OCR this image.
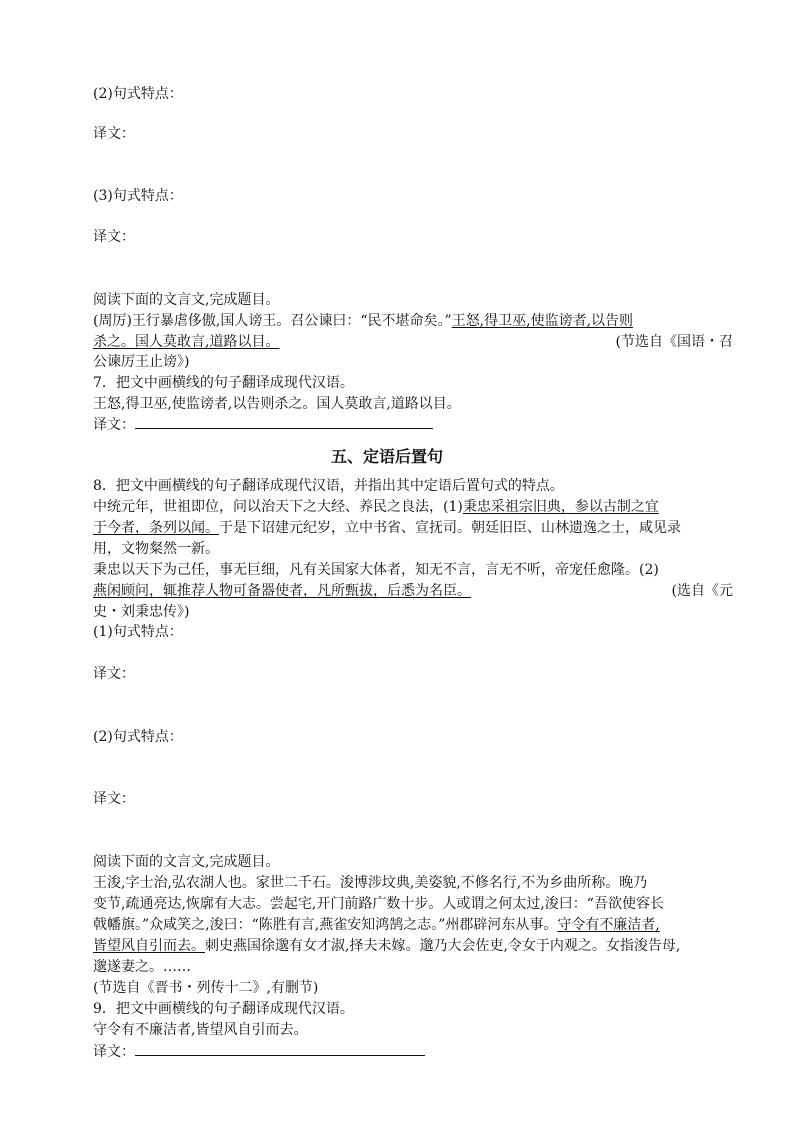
(2)句式特点：
译文：
(3)句式特点：
译文：
阅读下面的文言文,完成题目。
(周厉)王行暴虐侈傲,国人谤王。召公谏曰：“民不堪命矣。”王怒,得卫巫,使监谤者,以告则
杀之。国人莫敢言,道路以目。	(节选自《国语・召
公谏厉王止谤》)
7．把文中画横线的句子翻译成现代汉语。
王怒,得卫巫,使监谤者,以告则杀之。国人莫敢言,道路以目。
译文：
五、定语后置句
8．把文中画横线的句子翻译成现代汉语，并指出其中定语后置句式的特点。
中统元年，世祖即位，问以治天下之大经、养民之良法，(1)秉忠采祖宗旧典，参以古制之宜
于今者，条列以闻。于是下诏建元纪岁，立中书省、宣抚司。朝廷旧臣、山林遗逸之士，咸见录
用，文物粲然一新。
秉忠以天下为己任，事无巨细，凡有关国家大体者，知无不言，言无不听，帝宠任愈隆。(2)
燕闲顾问，辄推荐人物可备器使者，凡所甄拔，后悉为名臣。	(选自《元
史・刘秉忠传》)
(1)句式特点：
译文：
(2)句式特点：
译文：
阅读下面的文言文,完成题目。
王浚,字士治,弘农湖人也。家世二千石。浚博涉坟典,美姿貌,不修名行,不为乡曲所称。晚乃
变节,疏通亮达,恢廓有大志。尝起宅,开门前路广数十步。人或谓之何太过,浚曰：“吾欲使容长
戟幡旗。”众咸笑之,浚曰：“陈胜有言,燕雀安知鸿鹄之志。”州郡辟河东从事。守令有不廉洁者,
皆望风自引而去。刺史燕国徐邈有女才淑,择夫未嫁。邈乃大会佐吏,令女于内观之。女指浚告母,
邈遂妻之。……
(节选自《晋书・列传十二》,有删节)
9．把文中画横线的句子翻译成现代汉语。
守令有不廉洁者,皆望风自引而去。
译文：
